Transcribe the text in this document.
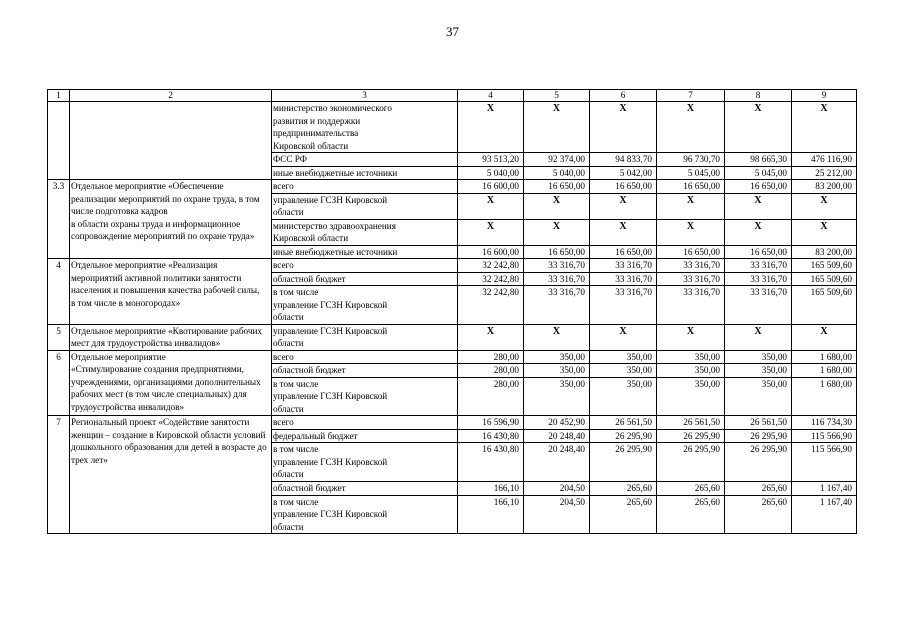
37
1	2	3	4	5	6	7	8	9
		министерство экономического
развития и поддержки
предпринимательства
Кировской области	X	X	X	X	X	X
		ФСС РФ	93 513,20	92 374,00	94 833,70	96 730,70	98 665,30	476 116,90
		иные внебюджетные источники	5 040,00	5 040,00	5 042,00	5 045,00	5 045,00	25 212,00
3.3	Отдельное мероприятие «Обеспечение реализации мероприятий по охране труда, в том числе подготовка кадров
в области охраны труда и информационное сопровождение мероприятий по охране труда»	всего	16 600,00	16 650,00	16 650,00	16 650,00	16 650,00	83 200,00
		управление ГСЗН Кировской
области	X	X	X	X	X	X
		министерство здравоохранения
Кировской области	X	X	X	X	X	X
		иные внебюджетные источники	16 600,00	16 650,00	16 650,00	16 650,00	16 650,00	83 200,00
4	Отдельное мероприятие «Реализация мероприятий активной политики занятости населения и повышения качества рабочей силы,
в том числе в моногородах»	всего	32 242,80	33 316,70	33 316,70	33 316,70	33 316,70	165 509,60
		областной бюджет	32 242,80	33 316,70	33 316,70	33 316,70	33 316,70	165 509,60
		в том числе
управление ГСЗН Кировской
области	32 242,80	33 316,70	33 316,70	33 316,70	33 316,70	165 509,60
5	Отдельное мероприятие «Квотирование рабочих мест для трудоустройства инвалидов»	управление ГСЗН Кировской
области	X	X	X	X	X	X
6	Отдельное мероприятие
«Стимулирование создания предприятиями, учреждениями, организациями дополнительных рабочих мест (в том числе специальных) для трудоустройства инвалидов»	всего	280,00	350,00	350,00	350,00	350,00	1 680,00
		областной бюджет	280,00	350,00	350,00	350,00	350,00	1 680,00
		в том числе
управление ГСЗН Кировской
области	280,00	350,00	350,00	350,00	350,00	1 680,00
7	Региональный проект «Содействие занятости женщин – создание в Кировской области условий дошкольного образования для детей в возрасте до трех лет»	всего	16 596,90	20 452,90	26 561,50	26 561,50	26 561,50	116 734,30
		федеральный бюджет	16 430,80	20 248,40	26 295,90	26 295,90	26 295,90	115 566,90
		в том числе
управление ГСЗН Кировской
области	16 430,80	20 248,40	26 295,90	26 295,90	26 295,90	115 566,90
		областной бюджет	166,10	204,50	265,60	265,60	265,60	1 167,40
		в том числе
управление ГСЗН Кировской
области	166,10	204,50	265,60	265,60	265,60	1 167,40
